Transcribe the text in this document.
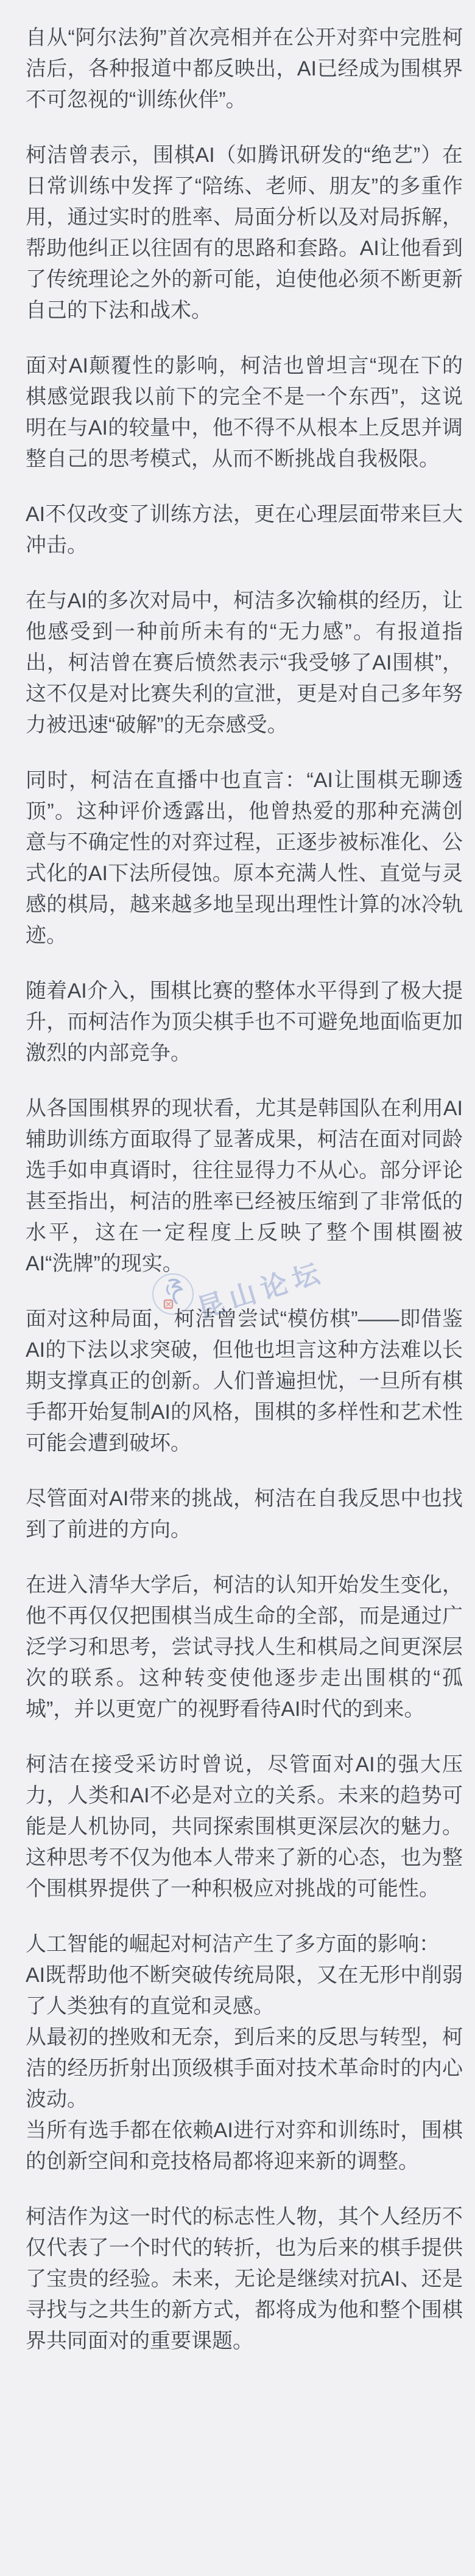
昆山论坛
自从“阿尔法狗”首次亮相并在公开对弈中完胜柯洁后，各种报道中都反映出，AI已经成为围棋界不可忽视的“训练伙伴”。
柯洁曾表示，围棋AI（如腾讯研发的“绝艺”）在日常训练中发挥了“陪练、老师、朋友”的多重作用，通过实时的胜率、局面分析以及对局拆解，帮助他纠正以往固有的思路和套路。AI让他看到了传统理论之外的新可能，迫使他必须不断更新自己的下法和战术。
面对AI颠覆性的影响，柯洁也曾坦言“现在下的棋感觉跟我以前下的完全不是一个东西”，这说明在与AI的较量中，他不得不从根本上反思并调整自己的思考模式，从而不断挑战自我极限。
AI不仅改变了训练方法，更在心理层面带来巨大冲击。
在与AI的多次对局中，柯洁多次输棋的经历，让他感受到一种前所未有的“无力感”。有报道指出，柯洁曾在赛后愤然表示“我受够了AI围棋”，这不仅是对比赛失利的宣泄，更是对自己多年努力被迅速“破解”的无奈感受。
同时，柯洁在直播中也直言：“AI让围棋无聊透顶”。这种评价透露出，他曾热爱的那种充满创意与不确定性的对弈过程，正逐步被标准化、公式化的AI下法所侵蚀。原本充满人性、直觉与灵感的棋局，越来越多地呈现出理性计算的冰冷轨迹。
随着AI介入，围棋比赛的整体水平得到了极大提升，而柯洁作为顶尖棋手也不可避免地面临更加激烈的内部竞争。
从各国围棋界的现状看，尤其是韩国队在利用AI辅助训练方面取得了显著成果，柯洁在面对同龄选手如申真谞时，往往显得力不从心。部分评论甚至指出，柯洁的胜率已经被压缩到了非常低的水平，这在一定程度上反映了整个围棋圈被AI“洗牌”的现实。
面对这种局面，柯洁曾尝试“模仿棋”——即借鉴AI的下法以求突破，但他也坦言这种方法难以长期支撑真正的创新。人们普遍担忧，一旦所有棋手都开始复制AI的风格，围棋的多样性和艺术性可能会遭到破坏。
尽管面对AI带来的挑战，柯洁在自我反思中也找到了前进的方向。
在进入清华大学后，柯洁的认知开始发生变化，他不再仅仅把围棋当成生命的全部，而是通过广泛学习和思考，尝试寻找人生和棋局之间更深层次的联系。这种转变使他逐步走出围棋的“孤城”，并以更宽广的视野看待AI时代的到来。
柯洁在接受采访时曾说，尽管面对AI的强大压力，人类和AI不必是对立的关系。未来的趋势可能是人机协同，共同探索围棋更深层次的魅力。这种思考不仅为他本人带来了新的心态，也为整个围棋界提供了一种积极应对挑战的可能性。
人工智能的崛起对柯洁产生了多方面的影响：
AI既帮助他不断突破传统局限，又在无形中削弱了人类独有的直觉和灵感。
从最初的挫败和无奈，到后来的反思与转型，柯洁的经历折射出顶级棋手面对技术革命时的内心波动。
当所有选手都在依赖AI进行对弈和训练时，围棋的创新空间和竞技格局都将迎来新的调整。
柯洁作为这一时代的标志性人物，其个人经历不仅代表了一个时代的转折，也为后来的棋手提供了宝贵的经验。未来，无论是继续对抗AI、还是寻找与之共生的新方式，都将成为他和整个围棋界共同面对的重要课题。
